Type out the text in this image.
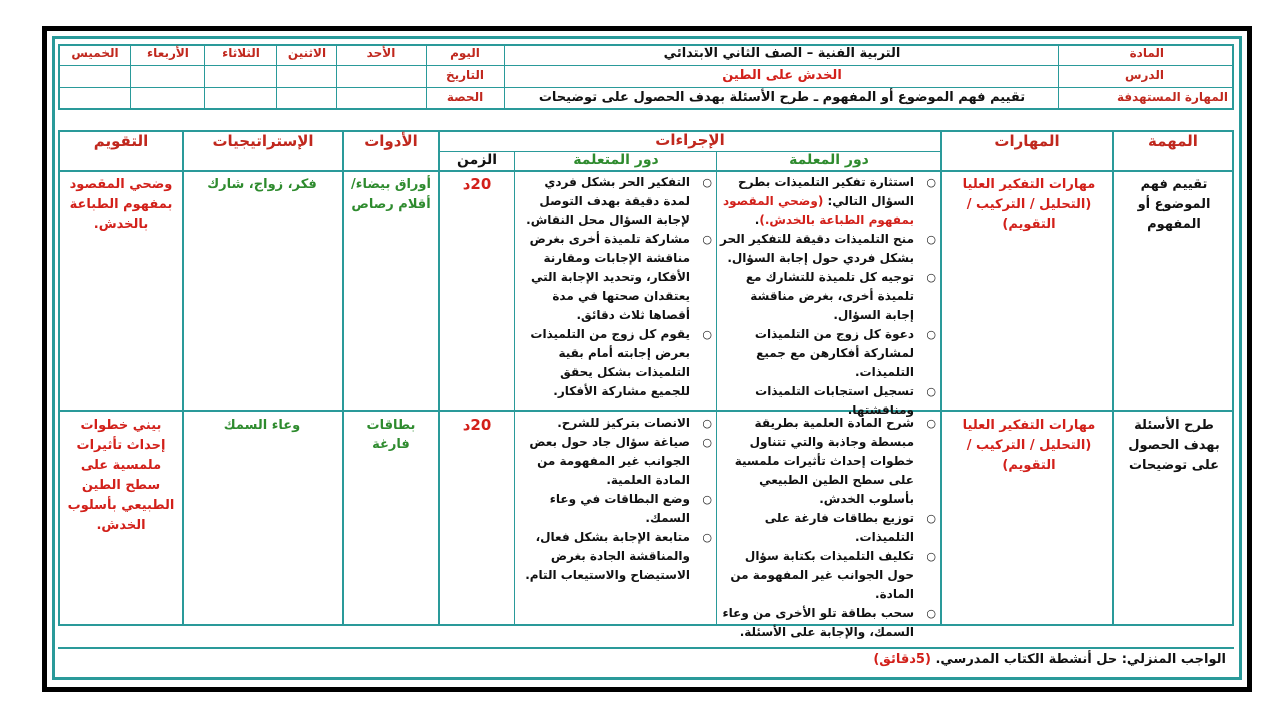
المادة
الدرس
المهارة المستهدفة
التربية الفنية – الصف الثاني الابتدائي
الخدش على الطين
تقييم فهم الموضوع أو المفهوم ـ طرح الأسئلة بهدف الحصول على توضيحات
اليوم
التاريخ
الحصة
الأحد
الاثنين
الثلاثاء
الأربعاء
الخميس
المهمة
المهارات
الإجراءات
دور المعلمة
دور المتعلمة
الزمن
الأدوات
الإستراتيجيات
التقويم
تقييم فهم الموضوع أو المفهوم
مهارات التفكير العليا (التحليل / التركيب / التقويم)
○ استثارة تفكير التلميذات بطرح السؤال التالي: (وضحي المقصود بمفهوم الطباعة بالخدش.).
○ منح التلميذات دقيقة للتفكير الحر بشكل فردي حول إجابة السؤال.
○ توجيه كل تلميذة للتشارك مع تلميذة أخرى، بغرض مناقشة إجابة السؤال.
○ دعوة كل زوج من التلميذات لمشاركة أفكارهن مع جميع التلميذات.
○ تسجيل استجابات التلميذات ومناقشتها.
○ التفكير الحر بشكل فردي لمدة دقيقة بهدف التوصل لإجابة السؤال محل النقاش.
○ مشاركة تلميذة أخرى بغرض مناقشة الإجابات ومقارنة الأفكار، وتحديد الإجابة التي يعتقدان صحتها في مدة أقصاها ثلاث دقائق.
○ يقوم كل زوج من التلميذات بعرض إجابته أمام بقية التلميذات بشكل يحقق للجميع مشاركة الأفكار.
20د
أوراق بيضاء/ أقلام رصاص
فكر، زواج، شارك
وضحي المقصود بمفهوم الطباعة بالخدش.
طرح الأسئلة بهدف الحصول على توضيحات
مهارات التفكير العليا (التحليل / التركيب / التقويم)
○ شرح المادة العلمية بطريقة مبسطة وجاذبة والتي تتناول خطوات إحداث تأثيرات ملمسية على سطح الطين الطبيعي بأسلوب الخدش.
○ توزيع بطاقات فارغة على التلميذات.
○ تكليف التلميذات بكتابة سؤال حول الجوانب غير المفهومة من المادة.
○ سحب بطاقة تلو الأخرى من وعاء السمك، والإجابة على الأسئلة.
○ الانصات بتركيز للشرح.
○ صياغة سؤال جاد حول بعض الجوانب غير المفهومة من المادة العلمية.
○ وضع البطاقات في وعاء السمك.
○ متابعة الإجابة بشكل فعال، والمناقشة الجادة بغرض الاستيضاح والاستيعاب التام.
20د
بطاقات فارغة
وعاء السمك
بيني خطوات إحداث تأثيرات ملمسية على سطح الطين الطبيعي بأسلوب الخدش.
الواجب المنزلي: حل أنشطة الكتاب المدرسي. (5دقائق)
